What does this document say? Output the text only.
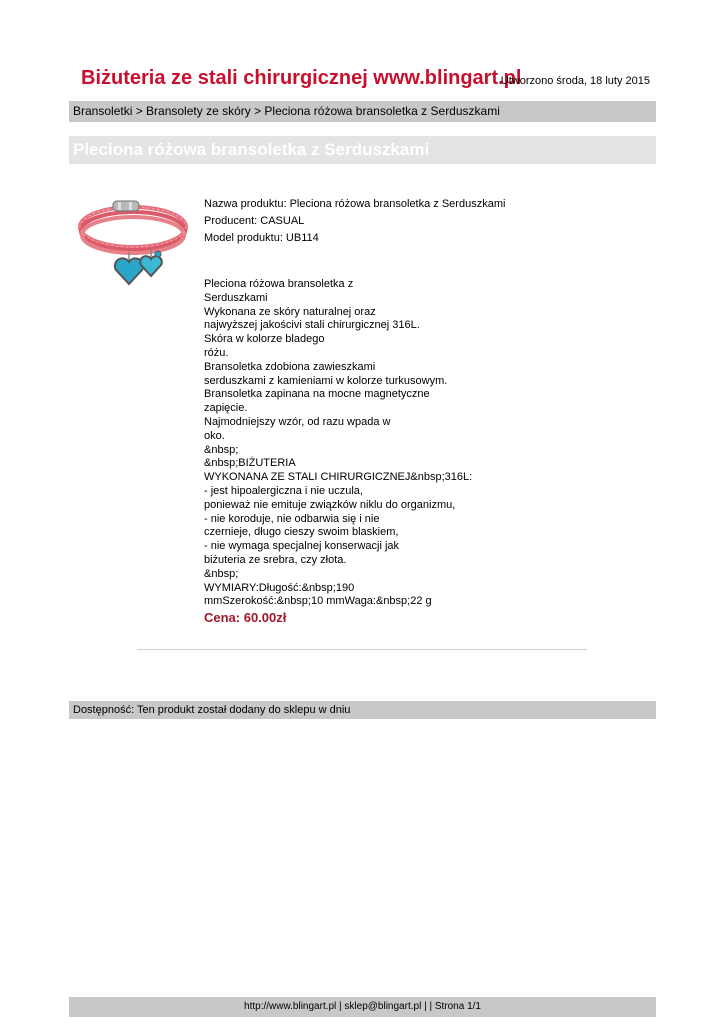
Biżuteria ze stali chirurgicznej www.blingart.pl
Utworzono środa, 18 luty 2015
Bransoletki > Bransolety ze skóry > Pleciona różowa bransoletka z Serduszkami
Pleciona różowa bransoletka z Serduszkami
Nazwa produktu: Pleciona różowa bransoletka z Serduszkami
Producent: CASUAL
Model produktu: UB114
Pleciona różowa bransoletka z
Serduszkami
Wykonana ze skóry naturalnej oraz
najwyższej jakościvi stali chirurgicznej 316L.
Skóra w kolorze bladego
różu.
Bransoletka zdobiona zawieszkami
serduszkami z kamieniami w kolorze turkusowym.
Bransoletka zapinana na mocne magnetyczne
zapięcie.
Najmodniejszy wzór, od razu wpada w
oko.
&nbsp;
&nbsp;BIŻUTERIA
WYKONANA ZE STALI CHIRURGICZNEJ&nbsp;316L:
- jest hipoalergiczna i nie uczula,
ponieważ nie emituje związków niklu do organizmu,
- nie koroduje, nie odbarwia się i nie
czernieje, długo cieszy swoim blaskiem,
- nie wymaga specjalnej konserwacji jak
biżuteria ze srebra, czy złota.
&nbsp;
WYMIARY:Długość:&nbsp;190
mmSzerokość:&nbsp;10 mmWaga:&nbsp;22 g
Cena: 60.00zł
Dostępność: Ten produkt został dodany do sklepu w dniu
http://www.blingart.pl | sklep@blingart.pl | | Strona 1/1
